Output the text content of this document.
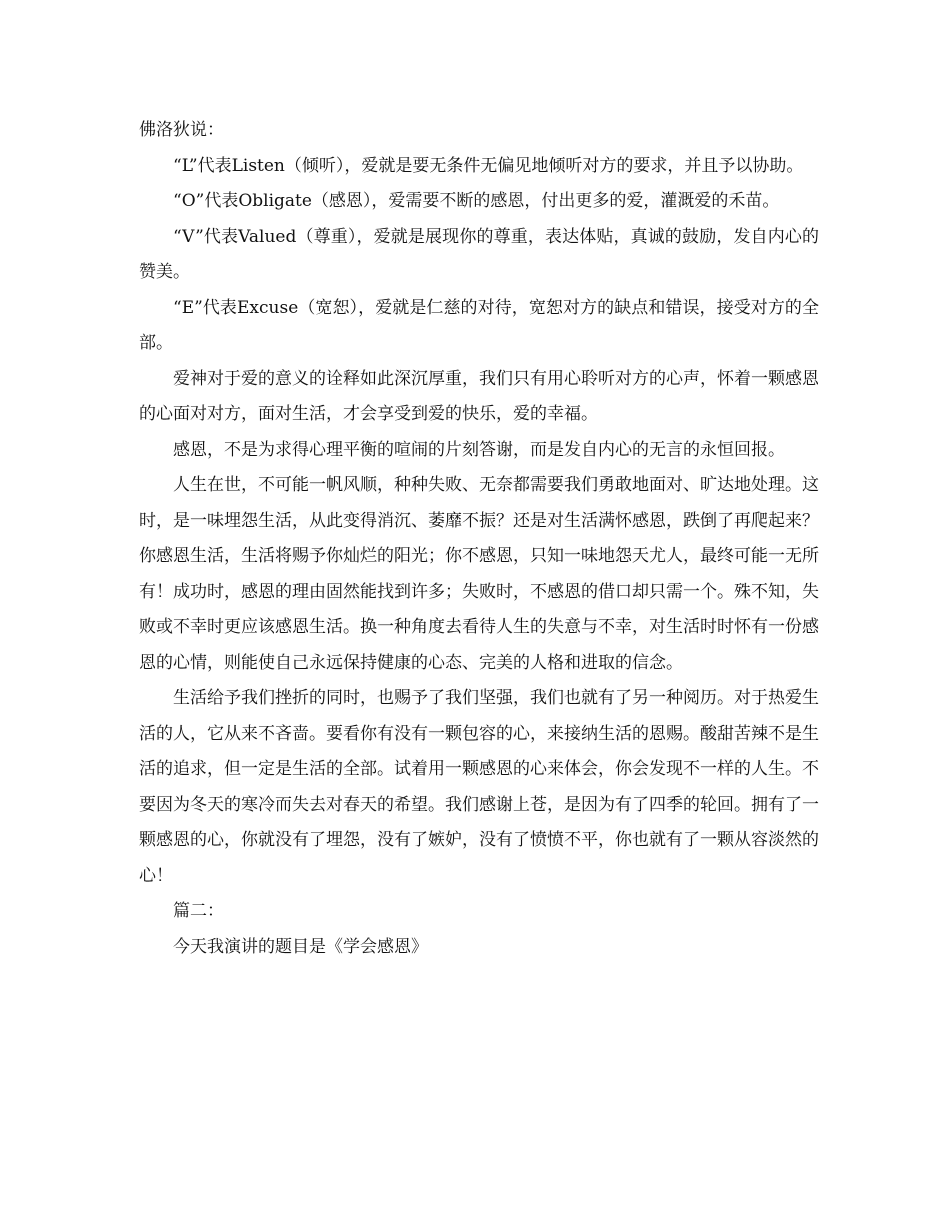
佛洛狄说：

“L”代表Listen（倾听），爱就是要无条件无偏见地倾听对方的要求，并且予以协助。

“O”代表Obligate（感恩），爱需要不断的感恩，付出更多的爱，灌溉爱的禾苗。

“V”代表Valued（尊重），爱就是展现你的尊重，表达体贴，真诚的鼓励，发自内心的赞美。

“E”代表Excuse（宽恕），爱就是仁慈的对待，宽恕对方的缺点和错误，接受对方的全部。

爱神对于爱的意义的诠释如此深沉厚重，我们只有用心聆听对方的心声，怀着一颗感恩的心面对对方，面对生活，才会享受到爱的快乐，爱的幸福。

感恩，不是为求得心理平衡的喧闹的片刻答谢，而是发自内心的无言的永恒回报。

人生在世，不可能一帆风顺，种种失败、无奈都需要我们勇敢地面对、旷达地处理。这时，是一味埋怨生活，从此变得消沉、萎靡不振？还是对生活满怀感恩，跌倒了再爬起来？你感恩生活，生活将赐予你灿烂的阳光；你不感恩，只知一味地怨天尤人，最终可能一无所有！成功时，感恩的理由固然能找到许多；失败时，不感恩的借口却只需一个。殊不知，失败或不幸时更应该感恩生活。换一种角度去看待人生的失意与不幸，对生活时时怀有一份感恩的心情，则能使自己永远保持健康的心态、完美的人格和进取的信念。

生活给予我们挫折的同时，也赐予了我们坚强，我们也就有了另一种阅历。对于热爱生活的人，它从来不吝啬。要看你有没有一颗包容的心，来接纳生活的恩赐。酸甜苦辣不是生活的追求，但一定是生活的全部。试着用一颗感恩的心来体会，你会发现不一样的人生。不要因为冬天的寒冷而失去对春天的希望。我们感谢上苍，是因为有了四季的轮回。拥有了一颗感恩的心，你就没有了埋怨，没有了嫉妒，没有了愤愤不平，你也就有了一颗从容淡然的心！

篇二：

今天我演讲的题目是《学会感恩》
